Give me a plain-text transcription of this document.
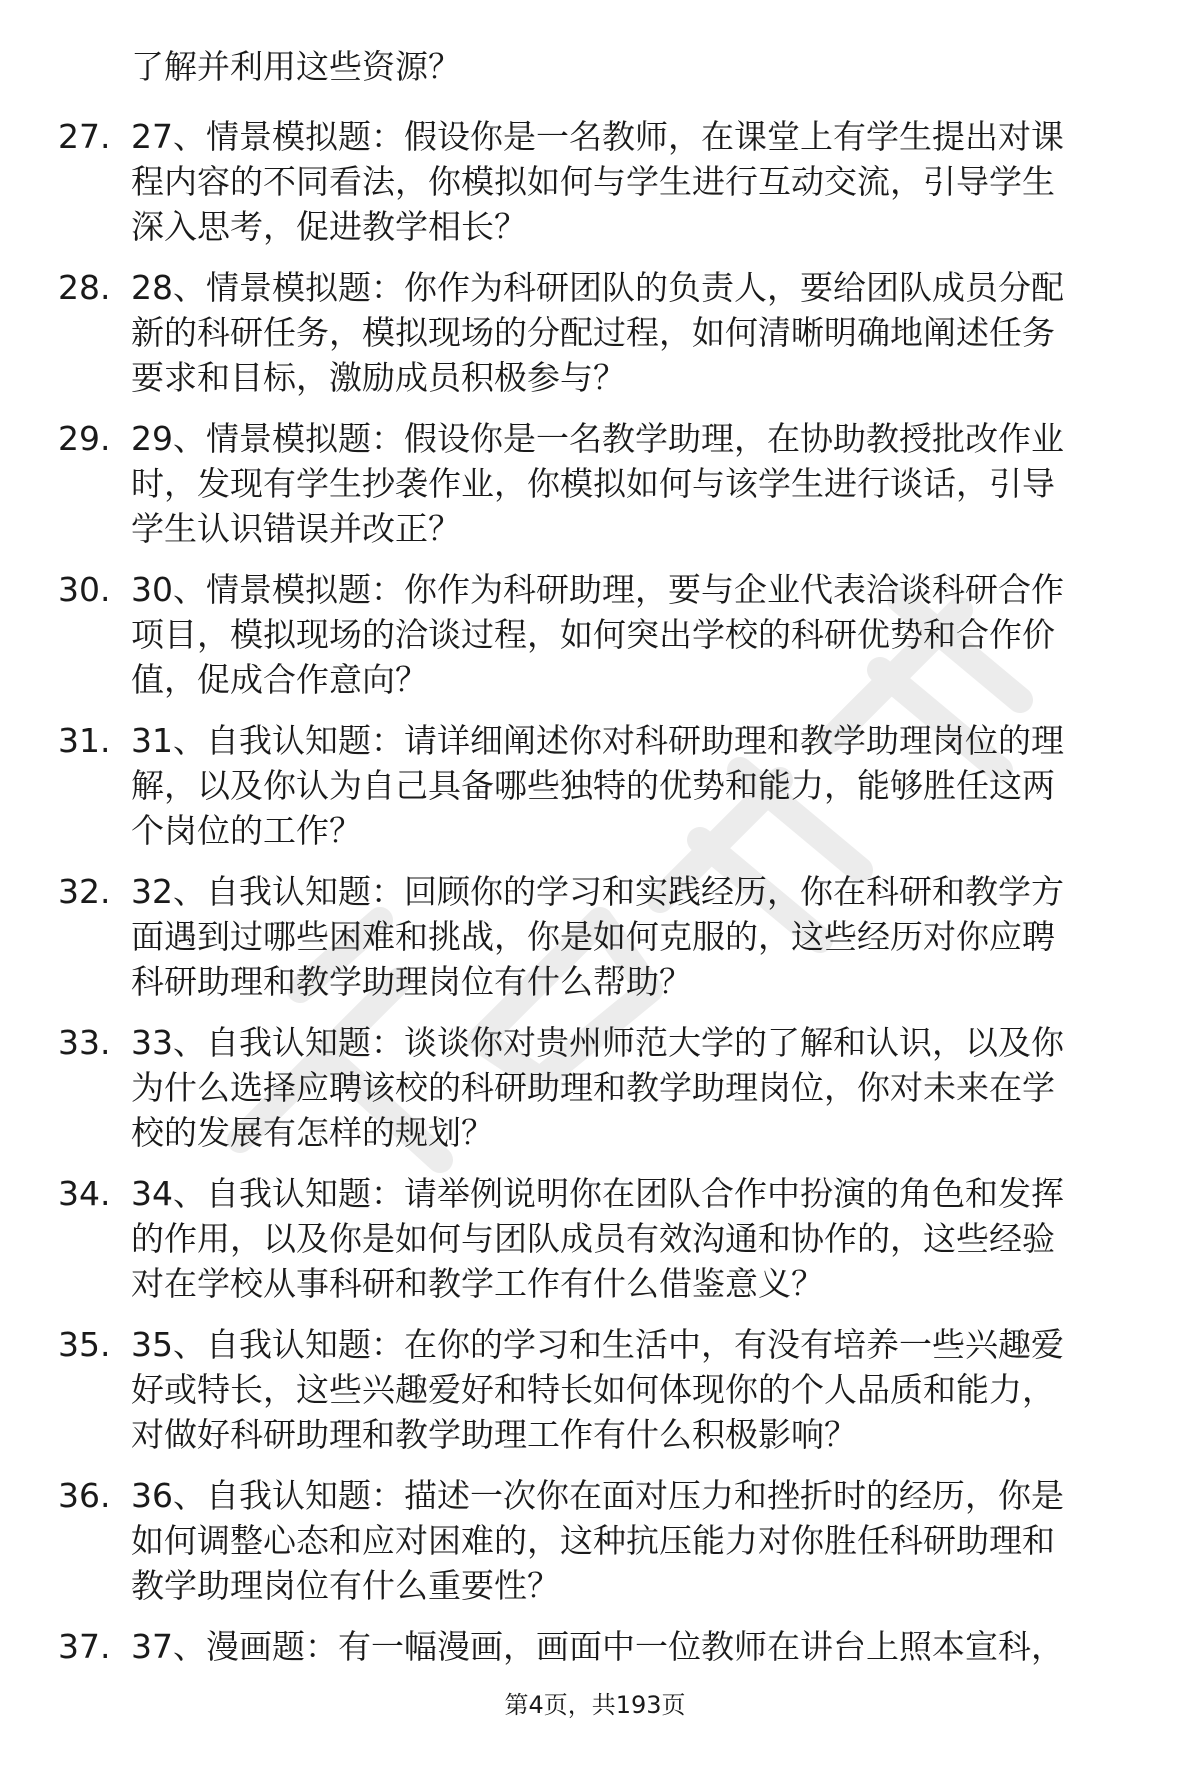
了解并利用这些资源？
27. 27、情景模拟题：假设你是一名教师，在课堂上有学生提出对课
程内容的不同看法，你模拟如何与学生进行互动交流，引导学生
深入思考，促进教学相长？
28. 28、情景模拟题：你作为科研团队的负责人，要给团队成员分配
新的科研任务，模拟现场的分配过程，如何清晰明确地阐述任务
要求和目标，激励成员积极参与？
29. 29、情景模拟题：假设你是一名教学助理，在协助教授批改作业
时，发现有学生抄袭作业，你模拟如何与该学生进行谈话，引导
学生认识错误并改正？
30. 30、情景模拟题：你作为科研助理，要与企业代表洽谈科研合作
项目，模拟现场的洽谈过程，如何突出学校的科研优势和合作价
值，促成合作意向？
31. 31、自我认知题：请详细阐述你对科研助理和教学助理岗位的理
解，以及你认为自己具备哪些独特的优势和能力，能够胜任这两
个岗位的工作？
32. 32、自我认知题：回顾你的学习和实践经历，你在科研和教学方
面遇到过哪些困难和挑战，你是如何克服的，这些经历对你应聘
科研助理和教学助理岗位有什么帮助？
33. 33、自我认知题：谈谈你对贵州师范大学的了解和认识，以及你
为什么选择应聘该校的科研助理和教学助理岗位，你对未来在学
校的发展有怎样的规划？
34. 34、自我认知题：请举例说明你在团队合作中扮演的角色和发挥
的作用，以及你是如何与团队成员有效沟通和协作的，这些经验
对在学校从事科研和教学工作有什么借鉴意义？
35. 35、自我认知题：在你的学习和生活中，有没有培养一些兴趣爱
好或特长，这些兴趣爱好和特长如何体现你的个人品质和能力，
对做好科研助理和教学助理工作有什么积极影响？
36. 36、自我认知题：描述一次你在面对压力和挫折时的经历，你是
如何调整心态和应对困难的，这种抗压能力对你胜任科研助理和
教学助理岗位有什么重要性？
37. 37、漫画题：有一幅漫画，画面中一位教师在讲台上照本宣科，
第4页，共193页
